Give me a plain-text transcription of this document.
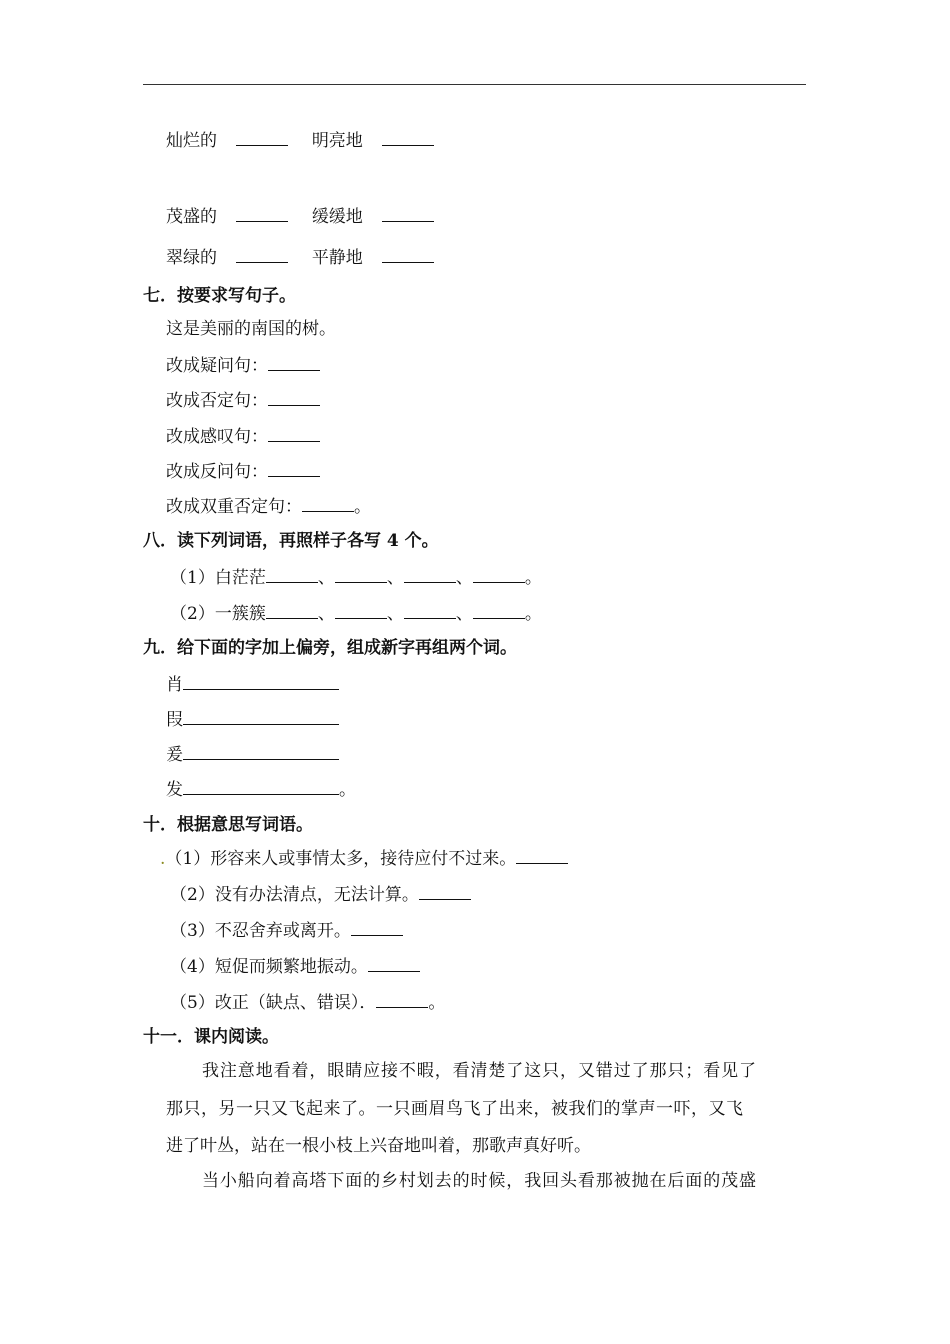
灿烂的	明亮地
茂盛的	缓缓地
翠绿的	平静地
七．按要求写句子。
这是美丽的南国的树。
改成疑问句：
改成否定句：
改成感叹句：
改成反问句：
改成双重否定句：	。
八．读下列词语，再照样子各写 4 个。
（1）白茫茫	、	、	、	。
（2）一簇簇	、	、	、	。
九．给下面的字加上偏旁，组成新字再组两个词。
肖
叚
爰
发	。
十．根据意思写词语。
.（1）形容来人或事情太多，接待应付不过来。
（2）没有办法清点，无法计算。
（3）不忍舍弃或离开。
（4）短促而频繁地振动。
（5）改正（缺点、错误）．	。
十一．课内阅读。
我注意地看着，眼睛应接不暇，看清楚了这只，又错过了那只；看见了
那只，另一只又飞起来了。一只画眉鸟飞了出来，被我们的掌声一吓，又飞
进了叶丛，站在一根小枝上兴奋地叫着，那歌声真好听。
当小船向着高塔下面的乡村划去的时候，我回头看那被抛在后面的茂盛
